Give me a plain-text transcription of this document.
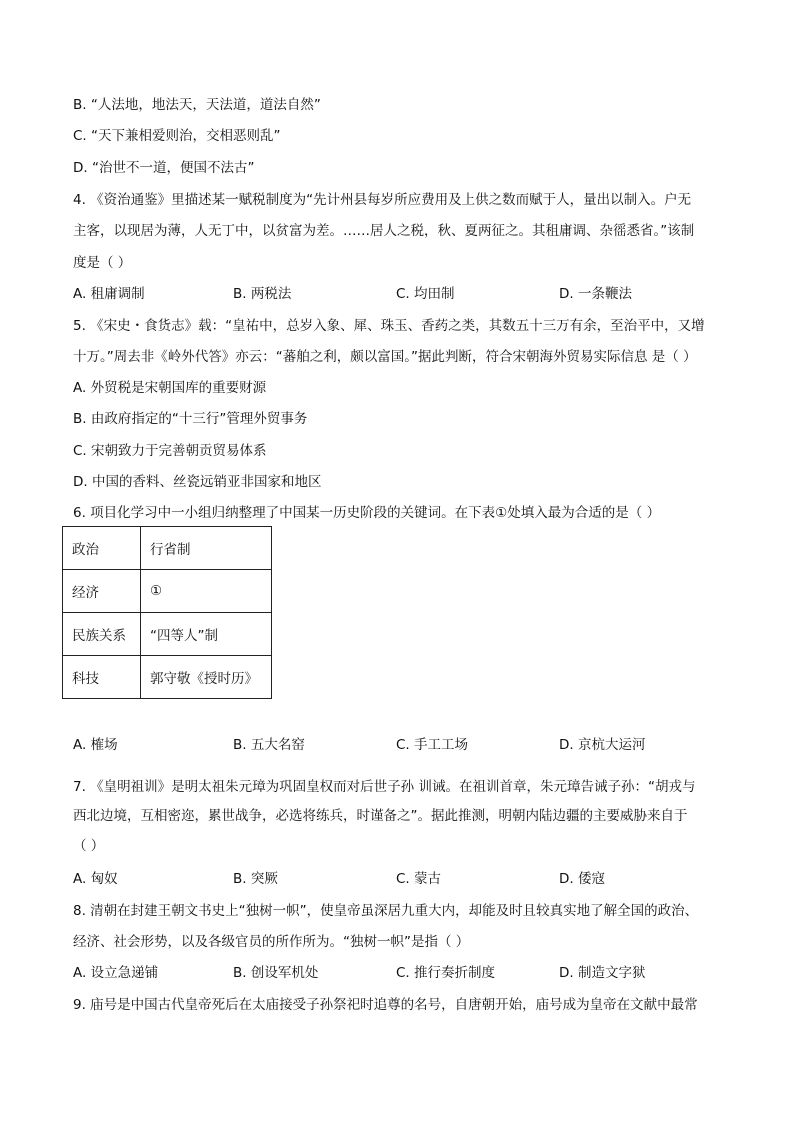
B. “人法地，地法天，天法道，道法自然”
C. “天下兼相爱则治，交相恶则乱”
D. “治世不一道，便国不法古”
4. 《资治通鉴》里描述某一赋税制度为“先计州县每岁所应费用及上供之数而赋于人，量出以制入。户无
主客，以现居为薄，人无丁中，以贫富为差。……居人之税，秋、夏两征之。其租庸调、杂徭悉省。”该制
度是（ ）
A. 租庸调制	B. 两税法	C. 均田制	D. 一条鞭法
5. 《宋史・食货志》载：“皇祐中，总岁入象、犀、珠玉、香药之类，其数五十三万有余，至治平中，又增
十万。”周去非《岭外代答》亦云：“蕃舶之利，颇以富国。”据此判断，符合宋朝海外贸易实际信息 是（ ）
A. 外贸税是宋朝国库的重要财源
B. 由政府指定的“十三行”管理外贸事务
C. 宋朝致力于完善朝贡贸易体系
D. 中国的香料、丝瓷远销亚非国家和地区
6. 项目化学习中一小组归纳整理了中国某一历史阶段的关键词。在下表①处填入最为合适的是（ ）
政治	行省制
经济	①
民族关系	“四等人”制
科技	郭守敬《授时历》
A. 榷场	B. 五大名窑	C. 手工工场	D. 京杭大运河
7. 《皇明祖训》是明太祖朱元璋为巩固皇权而对后世子孙 训诫。在祖训首章，朱元璋告诫子孙：“胡戎与
西北边境，互相密迩，累世战争，必选将练兵，时谨备之”。据此推测，明朝内陆边疆的主要威胁来自于
（ ）
A. 匈奴	B. 突厥	C. 蒙古	D. 倭寇
8. 清朝在封建王朝文书史上“独树一帜”，使皇帝虽深居九重大内，却能及时且较真实地了解全国的政治、
经济、社会形势，以及各级官员的所作所为。“独树一帜”是指（ ）
A. 设立急递铺	B. 创设军机处	C. 推行奏折制度	D. 制造文字狱
9. 庙号是中国古代皇帝死后在太庙接受子孙祭祀时追尊的名号，自唐朝开始，庙号成为皇帝在文献中最常
